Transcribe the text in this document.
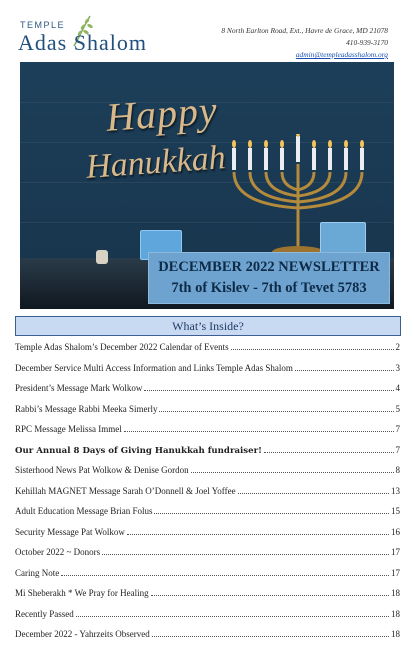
TEMPLE
Adas Shalom	8 North Earlton Road, Ext., Havre de Grace, MD 21078
410-939-3170
admin@templeadasshalom.org
Happy
Hanukkah
DECEMBER 2022 NEWSLETTER
7th of Kislev - 7th of Tevet 5783
What’s Inside?
Temple Adas Shalom’s December 2022 Calendar of Events	2
December Service Multi Access Information and Links Temple Adas Shalom	3
President’s Message Mark Wolkow	4
Rabbi’s Message Rabbi Meeka Simerly	5
RPC Message Melissa Immel	7
Our Annual 8 Days of Giving Hanukkah fundraiser!	7
Sisterhood News Pat Wolkow & Denise Gordon	8
Kehillah MAGNET Message Sarah O’Donnell & Joel Yoffee	13
Adult Education Message Brian Folus	15
Security Message Pat Wolkow	16
October 2022 ~ Donors	17
Caring Note	17
Mi Sheberakh * We Pray for Healing	18
Recently Passed	18
December 2022 - Yahrzeits Observed	18
